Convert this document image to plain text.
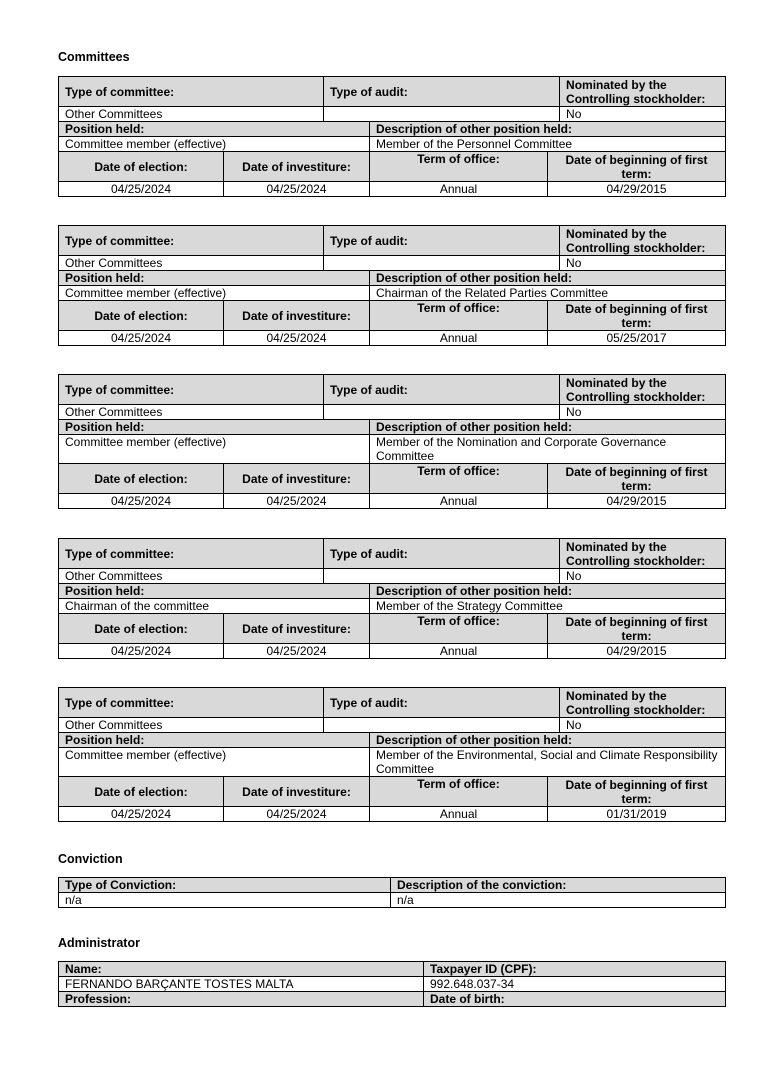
Committees
Type of committee:		Type of audit:			Nominated by the Controlling stockholder:
Other Committees					No
Position held:			Description of other position held:		
Committee member (effective)			Member of the Personnel Committee		
Date of election:	Date of investiture:		Term of office:	Date of beginning of first term:	
04/25/2024	04/25/2024		Annual	04/29/2015	
Type of committee:		Type of audit:			Nominated by the Controlling stockholder:
Other Committees					No
Position held:			Description of other position held:		
Committee member (effective)			Chairman of the Related Parties Committee		
Date of election:	Date of investiture:		Term of office:	Date of beginning of first term:	
04/25/2024	04/25/2024		Annual	05/25/2017	
Type of committee:		Type of audit:			Nominated by the Controlling stockholder:
Other Committees					No
Position held:			Description of other position held:		
Committee member (effective)			Member of the Nomination and Corporate Governance Committee		
Date of election:	Date of investiture:		Term of office:	Date of beginning of first term:	
04/25/2024	04/25/2024		Annual	04/29/2015	
Type of committee:		Type of audit:			Nominated by the Controlling stockholder:
Other Committees					No
Position held:			Description of other position held:		
Chairman of the committee			Member of the Strategy Committee		
Date of election:	Date of investiture:		Term of office:	Date of beginning of first term:	
04/25/2024	04/25/2024		Annual	04/29/2015	
Type of committee:		Type of audit:			Nominated by the Controlling stockholder:
Other Committees					No
Position held:			Description of other position held:		
Committee member (effective)			Member of the Environmental, Social and Climate Responsibility Committee		
Date of election:	Date of investiture:		Term of office:	Date of beginning of first term:	
04/25/2024	04/25/2024		Annual	01/31/2019	
Conviction
Type of Conviction:	Description of the conviction:
n/a	n/a
Administrator
Name:	Taxpayer ID (CPF):
FERNANDO BARÇANTE TOSTES MALTA	992.648.037-34
Profession:	Date of birth:
